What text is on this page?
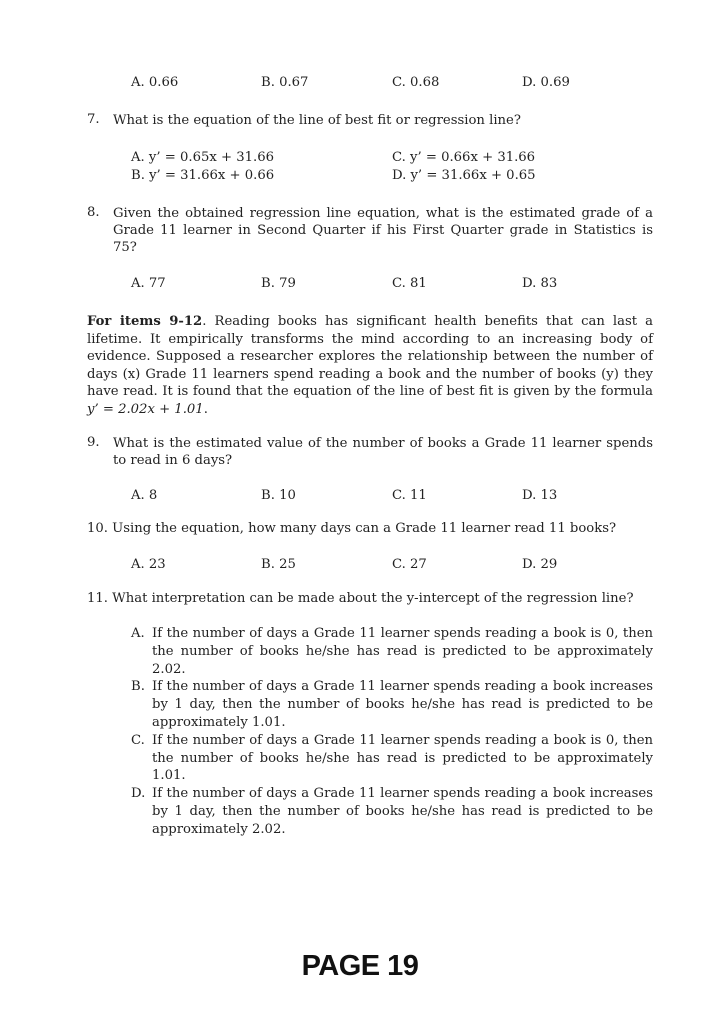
A. 0.66	B. 0.67	C. 0.68	D. 0.69
7. What is the equation of the line of best fit or regression line?
A. y’ = 0.65x + 31.66	C. y’ = 0.66x + 31.66
B. y’ = 31.66x + 0.66	D. y’ = 31.66x + 0.65
8. Given the obtained regression line equation, what is the estimated grade of a Grade 11 learner in Second Quarter if his First Quarter grade in Statistics is 75?
A. 77	B. 79	C. 81	D. 83
For items 9-12. Reading books has significant health benefits that can last a lifetime. It empirically transforms the mind according to an increasing body of evidence. Supposed a researcher explores the relationship between the number of days (x) Grade 11 learners spend reading a book and the number of books (y) they have read. It is found that the equation of the line of best fit is given by the formula y’ = 2.02x + 1.01.
9. What is the estimated value of the number of books a Grade 11 learner spends to read in 6 days?
A. 8	B. 10	C. 11	D. 13
10. Using the equation, how many days can a Grade 11 learner read 11 books?
A. 23	B. 25	C. 27	D. 29
11. What interpretation can be made about the y-intercept of the regression line?
A. If the number of days a Grade 11 learner spends reading a book is 0, then the number of books he/she has read is predicted to be approximately 2.02.
B. If the number of days a Grade 11 learner spends reading a book increases by 1 day, then the number of books he/she has read is predicted to be approximately 1.01.
C. If the number of days a Grade 11 learner spends reading a book is 0, then the number of books he/she has read is predicted to be approximately 1.01.
D. If the number of days a Grade 11 learner spends reading a book increases by 1 day, then the number of books he/she has read is predicted to be approximately 2.02.
PAGE 19
